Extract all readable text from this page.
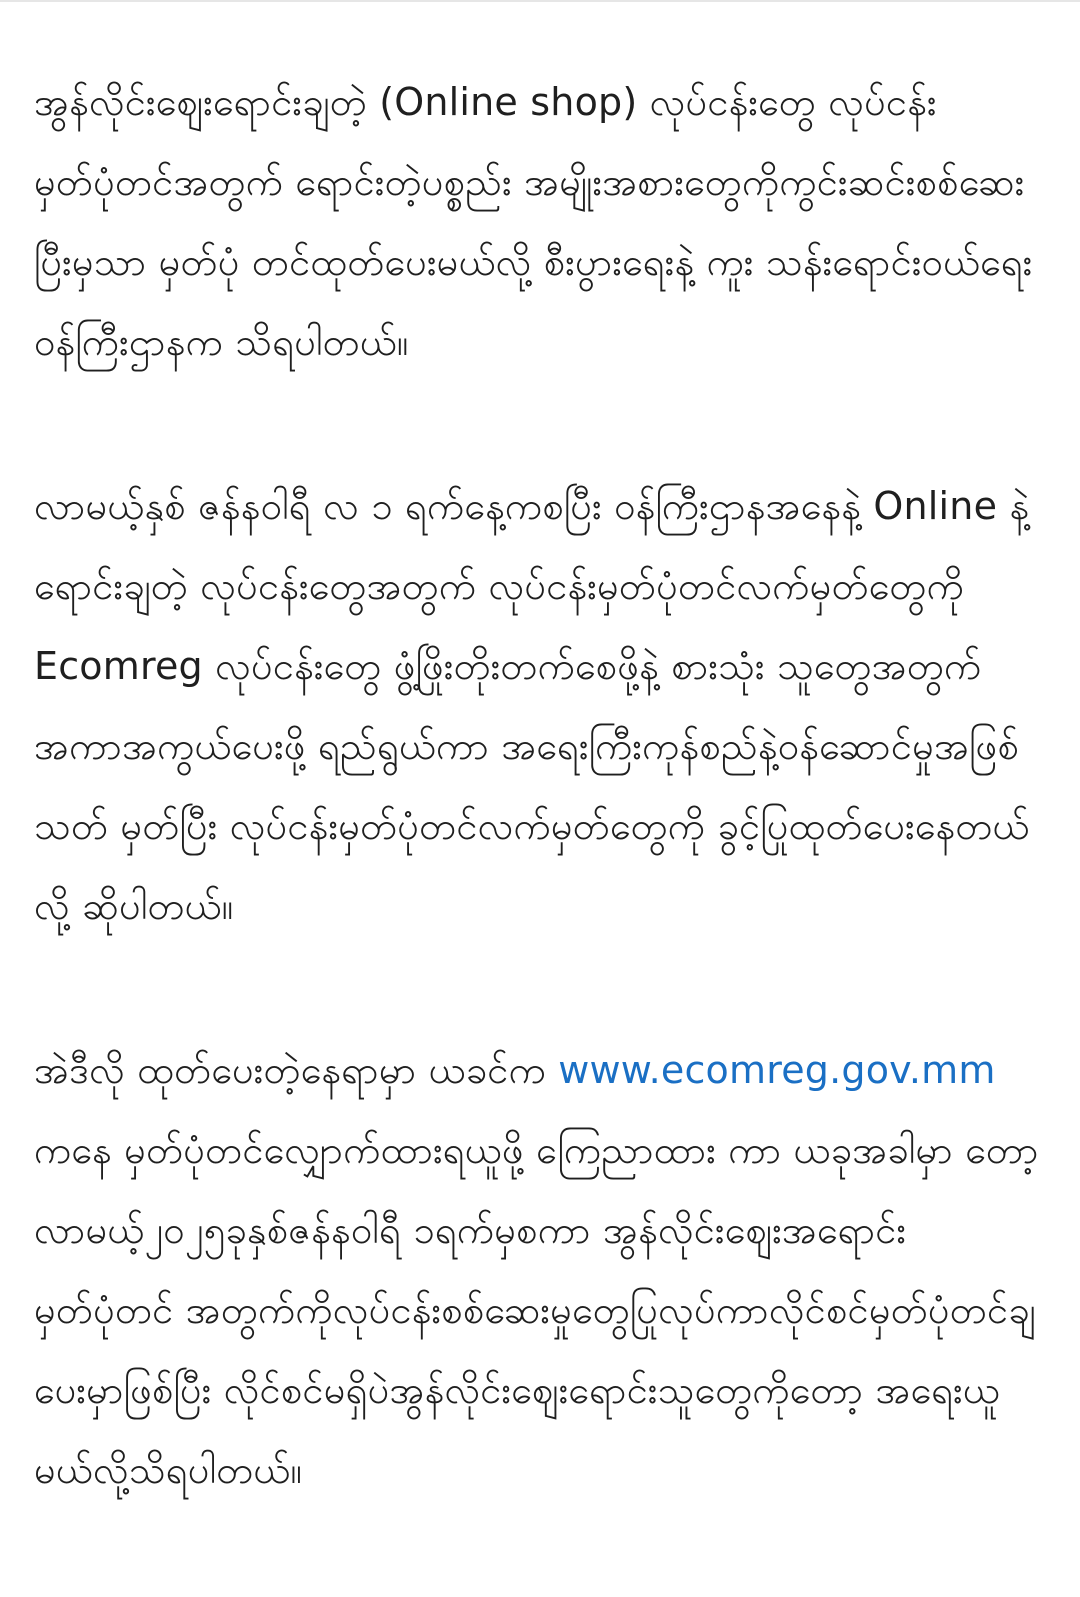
အွန်လိုင်းဈေးရောင်းချတဲ့ (Online shop) လုပ်ငန်းတွေ လုပ်ငန်းမှတ်ပုံတင်အတွက် ရောင်းတဲ့ပစ္စည်း အမျိုးအစားတွေကိုကွင်းဆင်းစစ်ဆေးပြီးမှသာ မှတ်ပုံ တင်ထုတ်ပေးမယ်လို့ စီးပွားရေးနဲ့ ကူး သန်းရောင်းဝယ်ရေးဝန်ကြီးဌာနက သိရပါတယ်။

လာမယ့်နှစ် ဇန်နဝါရီ လ ၁ ရက်နေ့ကစပြီး ဝန်ကြီးဌာနအနေနဲ့ Online နဲ့ရောင်းချတဲ့ လုပ်ငန်းတွေအတွက် လုပ်ငန်းမှတ်ပုံတင်လက်မှတ်တွေကို Ecomreg လုပ်ငန်းတွေ ဖွံ့ဖြိုးတိုးတက်စေဖို့နဲ့ စားသုံး သူတွေအတွက် အကာအကွယ်ပေးဖို့ ရည်ရွယ်ကာ အရေးကြီးကုန်စည်နဲ့ဝန်ဆောင်မှုအဖြစ်သတ် မှတ်ပြီး လုပ်ငန်းမှတ်ပုံတင်လက်မှတ်တွေကို ခွင့်ပြုထုတ်ပေးနေတယ်လို့ ဆိုပါတယ်။

အဲဒီလို ထုတ်ပေးတဲ့နေရာမှာ ယခင်က www.ecomreg.gov.mm ကနေ မှတ်ပုံတင်လျှောက်ထားရယူဖို့ ကြေညာထား ကာ ယခုအခါမှာ တော့လာမယ့်၂၀၂၅ခုနှစ်ဇန်နဝါရီ ၁ရက်မှစကာ အွန်လိုင်းဈေးအရောင်းမှတ်ပုံတင် အတွက်ကိုလုပ်ငန်းစစ်ဆေးမှုတွေပြုလုပ်ကာလိုင်စင်မှတ်ပုံတင်ချပေးမှာဖြစ်ပြီး လိုင်စင်မရှိပဲအွန်လိုင်းဈေးရောင်းသူတွေကိုတော့ အရေးယူမယ်လို့သိရပါတယ်။
